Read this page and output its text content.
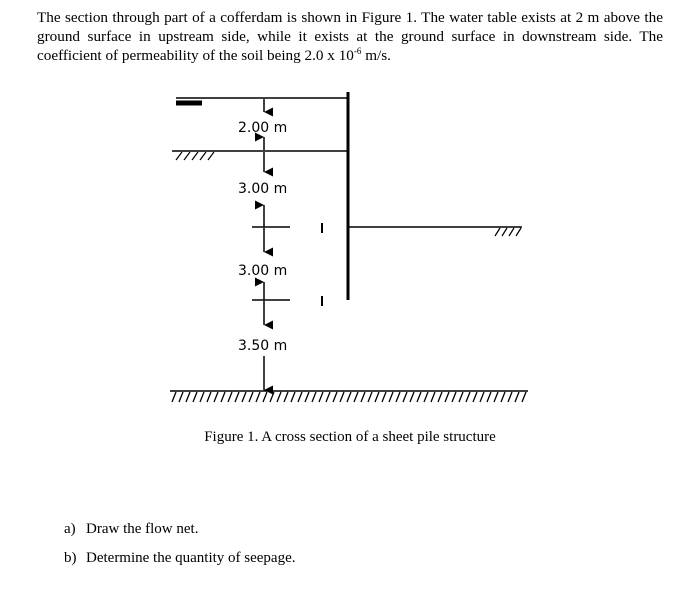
The section through part of a cofferdam is shown in Figure 1. The water table exists at 2 m above the ground surface in upstream side, while it exists at the ground surface in downstream side. The coefficient of permeability of the soil being 2.0 x $10^{-6}$ m/s.

2.00 m
3.00 m
3.00 m
3.50 m

Figure 1. A cross section of a sheet pile structure

a) Draw the flow net.
b) Determine the quantity of seepage.
